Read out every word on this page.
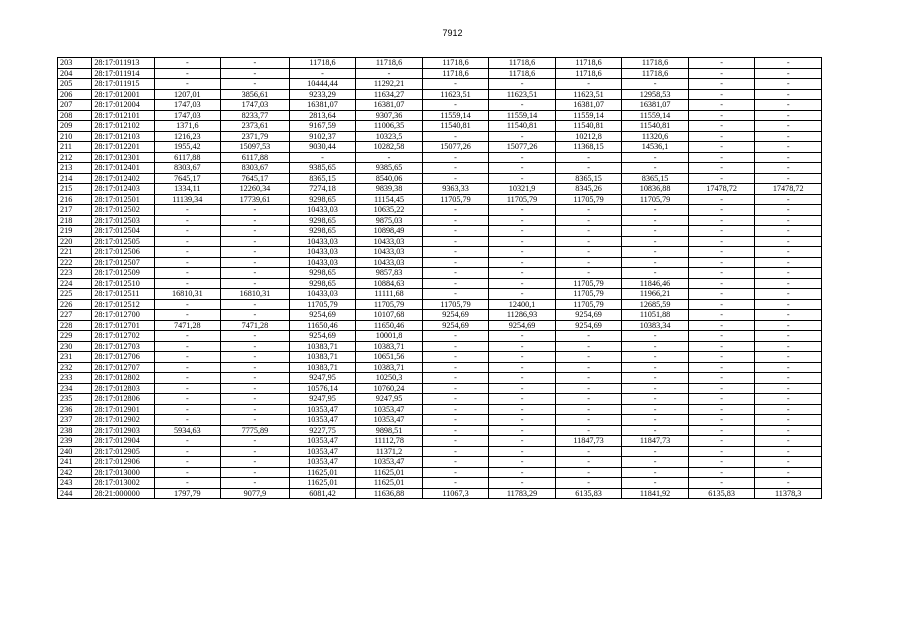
7912
203	28:17:011913	-	-	11718,6	11718,6	11718,6	11718,6	11718,6	11718,6	-	-
204	28:17:011914	-	-	-	-	11718,6	11718,6	11718,6	11718,6	-	-
205	28:17:011915	-	-	10444,44	11292,21	-	-	-	-	-	-
206	28:17:012001	1207,01	3856,61	9233,29	11634,27	11623,51	11623,51	11623,51	12958,53	-	-
207	28:17:012004	1747,03	1747,03	16381,07	16381,07	-	-	16381,07	16381,07	-	-
208	28:17:012101	1747,03	8233,77	2813,64	9307,36	11559,14	11559,14	11559,14	11559,14	-	-
209	28:17:012102	1371,6	2373,61	9167,59	11006,35	11540,81	11540,81	11540,81	11540,81	-	-
210	28:17:012103	1216,23	2371,79	9102,37	10323,5	-	-	10212,8	11320,6	-	-
211	28:17:012201	1955,42	15097,53	9030,44	10282,58	15077,26	15077,26	11368,15	14536,1	-	-
212	28:17:012301	6117,88	6117,88	-	-	-	-	-	-	-	-
213	28:17:012401	8303,67	8303,67	9385,65	9385,65	-	-	-	-	-	-
214	28:17:012402	7645,17	7645,17	8365,15	8540,06	-	-	8365,15	8365,15	-	-
215	28:17:012403	1334,11	12260,34	7274,18	9839,38	9363,33	10321,9	8345,26	10836,88	17478,72	17478,72
216	28:17:012501	11139,34	17739,61	9298,65	11154,45	11705,79	11705,79	11705,79	11705,79	-	-
217	28:17:012502	-	-	10433,03	10635,22	-	-	-	-	-	-
218	28:17:012503	-	-	9298,65	9875,03	-	-	-	-	-	-
219	28:17:012504	-	-	9298,65	10898,49	-	-	-	-	-	-
220	28:17:012505	-	-	10433,03	10433,03	-	-	-	-	-	-
221	28:17:012506	-	-	10433,03	10433,03	-	-	-	-	-	-
222	28:17:012507	-	-	10433,03	10433,03	-	-	-	-	-	-
223	28:17:012509	-	-	9298,65	9857,83	-	-	-	-	-	-
224	28:17:012510	-	-	9298,65	10884,63	-	-	11705,79	11846,46	-	-
225	28:17:012511	16810,31	16810,31	10433,03	11111,68	-	-	11705,79	11966,21	-	-
226	28:17:012512	-	-	11705,79	11705,79	11705,79	12400,1	11705,79	12685,59	-	-
227	28:17:012700	-	-	9254,69	10107,68	9254,69	11286,93	9254,69	11051,88	-	-
228	28:17:012701	7471,28	7471,28	11650,46	11650,46	9254,69	9254,69	9254,69	10383,34	-	-
229	28:17:012702	-	-	9254,69	10001,8	-	-	-	-	-	-
230	28:17:012703	-	-	10383,71	10383,71	-	-	-	-	-	-
231	28:17:012706	-	-	10383,71	10651,56	-	-	-	-	-	-
232	28:17:012707	-	-	10383,71	10383,71	-	-	-	-	-	-
233	28:17:012802	-	-	9247,95	10250,3	-	-	-	-	-	-
234	28:17:012803	-	-	10576,14	10760,24	-	-	-	-	-	-
235	28:17:012806	-	-	9247,95	9247,95	-	-	-	-	-	-
236	28:17:012901	-	-	10353,47	10353,47	-	-	-	-	-	-
237	28:17:012902	-	-	10353,47	10353,47	-	-	-	-	-	-
238	28:17:012903	5934,63	7775,89	9227,75	9898,51	-	-	-	-	-	-
239	28:17:012904	-	-	10353,47	11112,78	-	-	11847,73	11847,73	-	-
240	28:17:012905	-	-	10353,47	11371,2	-	-	-	-	-	-
241	28:17:012906	-	-	10353,47	10353,47	-	-	-	-	-	-
242	28:17:013000	-	-	11625,01	11625,01	-	-	-	-	-	-
243	28:17:013002	-	-	11625,01	11625,01	-	-	-	-	-	-
244	28:21:000000	1797,79	9077,9	6081,42	11636,88	11067,3	11783,29	6135,83	11841,92	6135,83	11378,3
